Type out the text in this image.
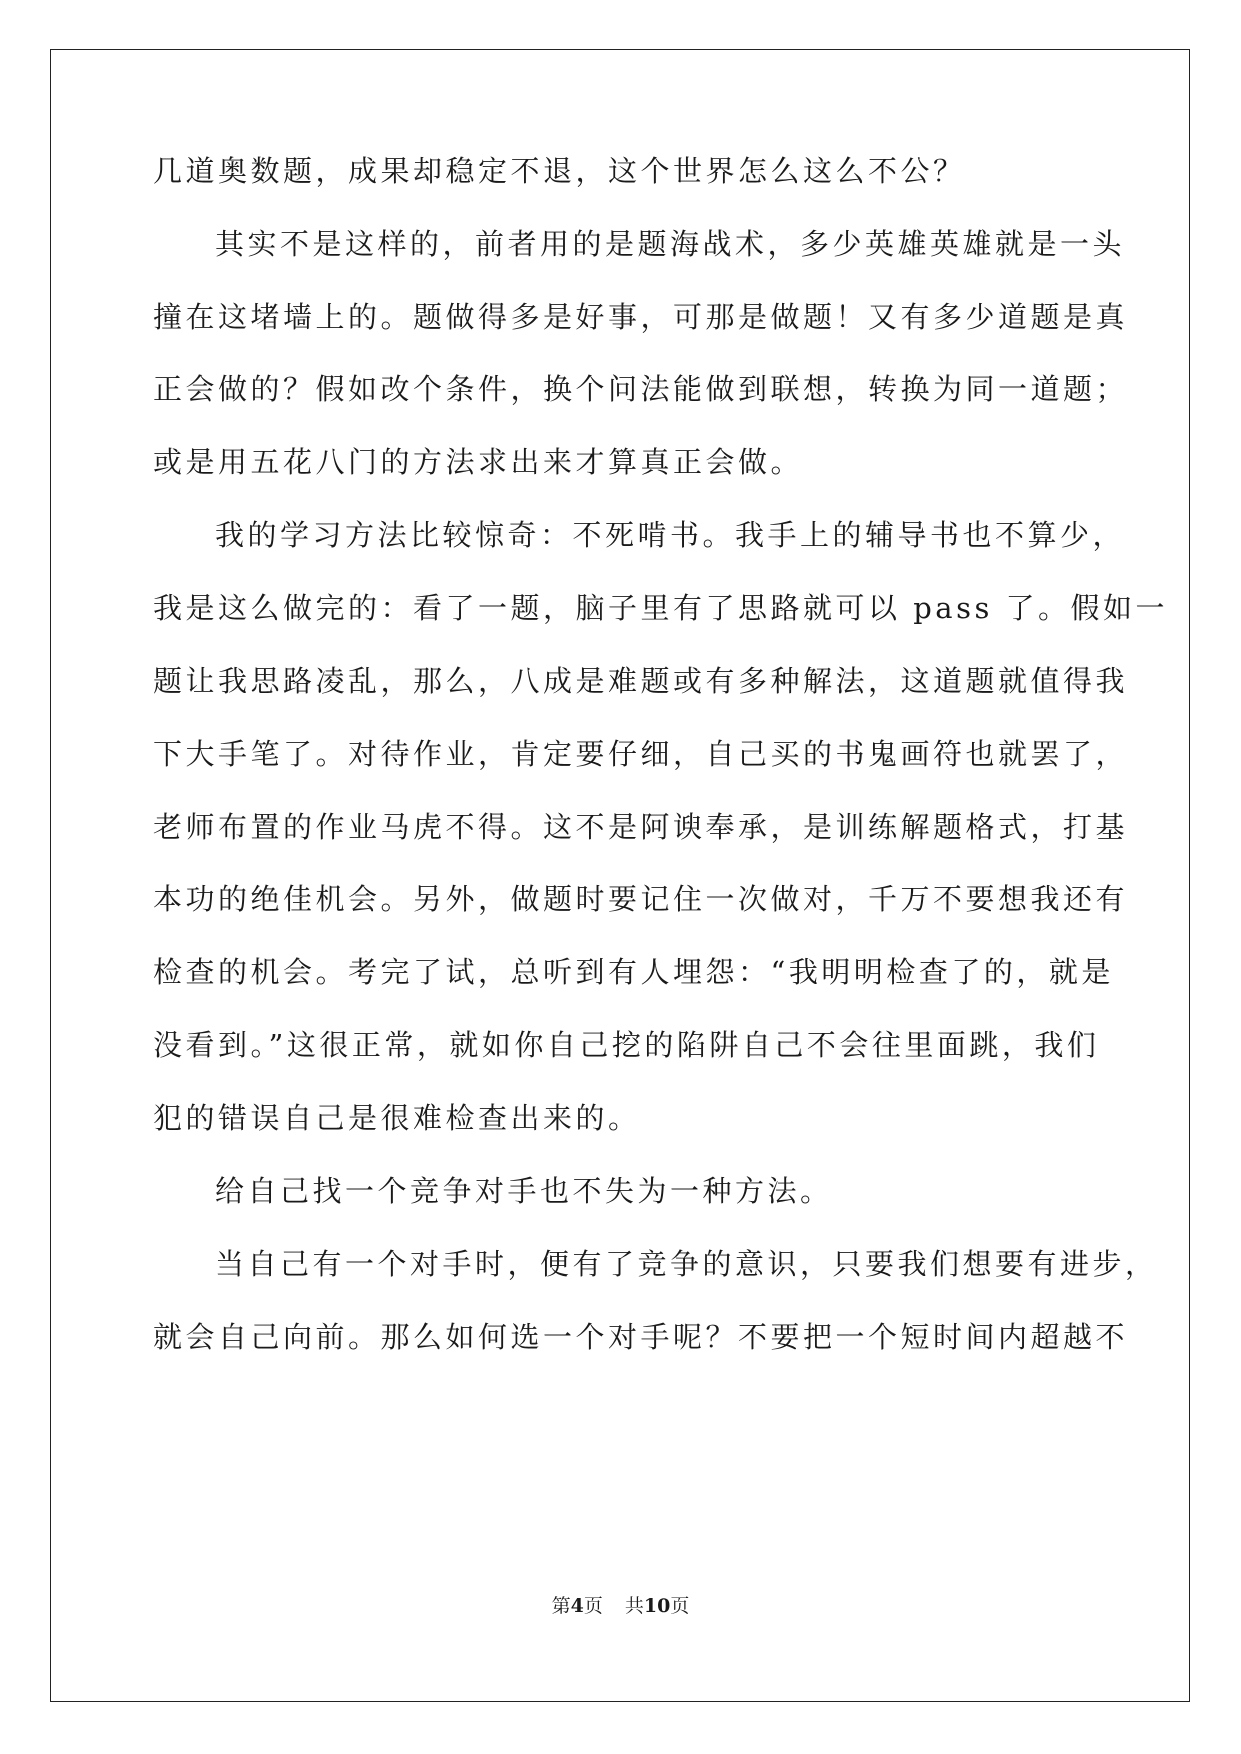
几道奥数题，成果却稳定不退，这个世界怎么这么不公？
其实不是这样的，前者用的是题海战术，多少英雄英雄就是一头
撞在这堵墙上的。题做得多是好事，可那是做题！又有多少道题是真
正会做的？假如改个条件，换个问法能做到联想，转换为同一道题；
或是用五花八门的方法求出来才算真正会做。
我的学习方法比较惊奇：不死啃书。我手上的辅导书也不算少，
我是这么做完的：看了一题，脑子里有了思路就可以 pass 了。假如一
题让我思路凌乱，那么，八成是难题或有多种解法，这道题就值得我
下大手笔了。对待作业，肯定要仔细，自己买的书鬼画符也就罢了，
老师布置的作业马虎不得。这不是阿谀奉承，是训练解题格式，打基
本功的绝佳机会。另外，做题时要记住一次做对，千万不要想我还有
检查的机会。考完了试，总听到有人埋怨：“我明明检查了的，就是
没看到。”这很正常，就如你自己挖的陷阱自己不会往里面跳，我们
犯的错误自己是很难检查出来的。
给自己找一个竞争对手也不失为一种方法。
当自己有一个对手时，便有了竞争的意识，只要我们想要有进步，
就会自己向前。那么如何选一个对手呢？不要把一个短时间内超越不
第4页 共10页
